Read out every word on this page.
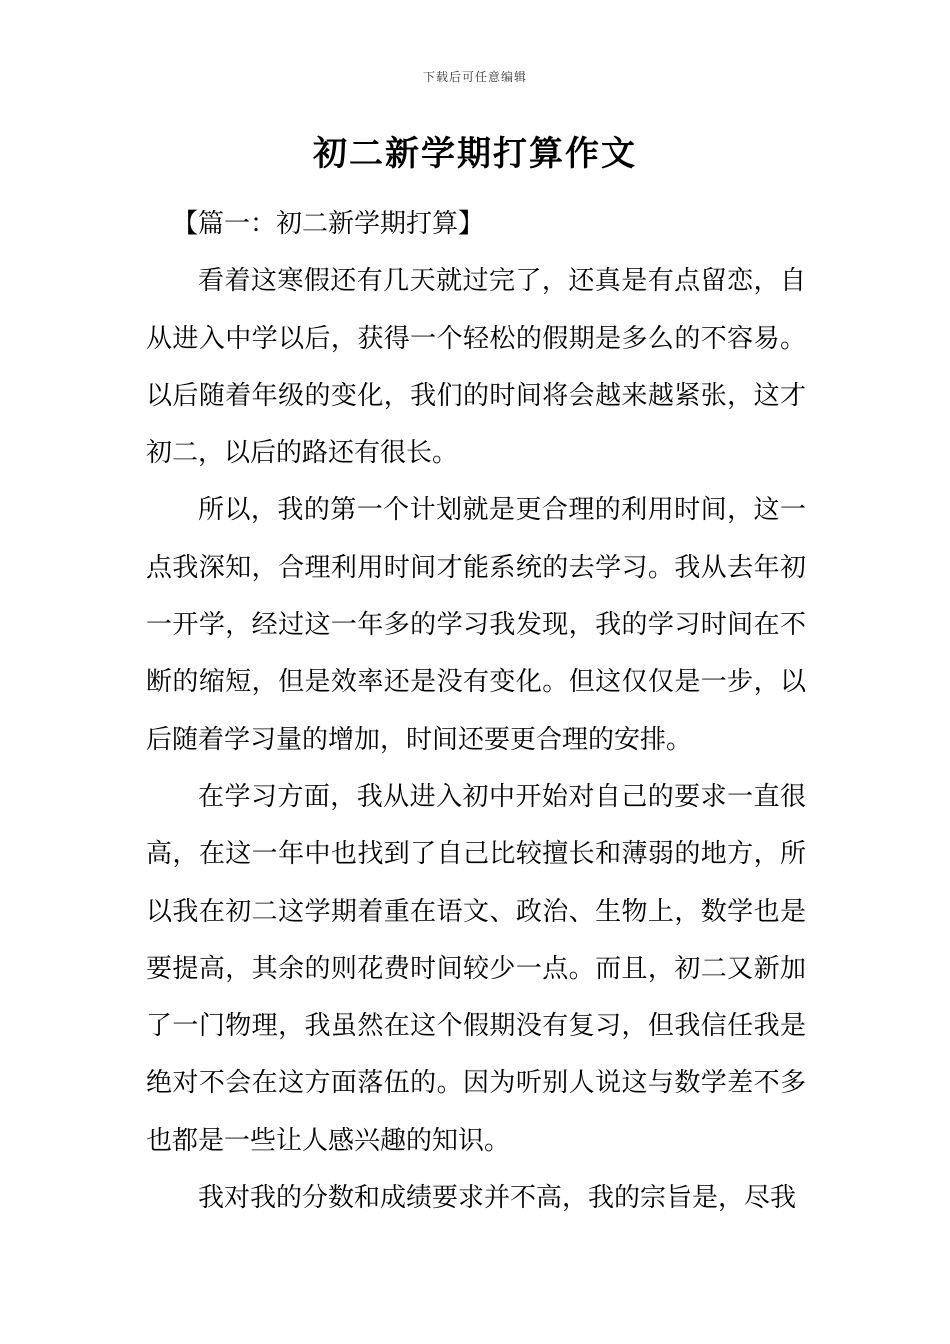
下载后可任意编辑
初二新学期打算作文

【篇一：初二新学期打算】

看着这寒假还有几天就过完了，还真是有点留恋，自从进入中学以后，获得一个轻松的假期是多么的不容易。以后随着年级的变化，我们的时间将会越来越紧张，这才初二，以后的路还有很长。

所以，我的第一个计划就是更合理的利用时间，这一点我深知，合理利用时间才能系统的去学习。我从去年初一开学，经过这一年多的学习我发现，我的学习时间在不断的缩短，但是效率还是没有变化。但这仅仅是一步，以后随着学习量的增加，时间还要更合理的安排。

在学习方面，我从进入初中开始对自己的要求一直很高，在这一年中也找到了自己比较擅长和薄弱的地方，所以我在初二这学期着重在语文、政治、生物上，数学也是要提高，其余的则花费时间较少一点。而且，初二又新加了一门物理，我虽然在这个假期没有复习，但我信任我是绝对不会在这方面落伍的。因为听别人说这与数学差不多也都是一些让人感兴趣的知识。

我对我的分数和成绩要求并不高，我的宗旨是，尽我
